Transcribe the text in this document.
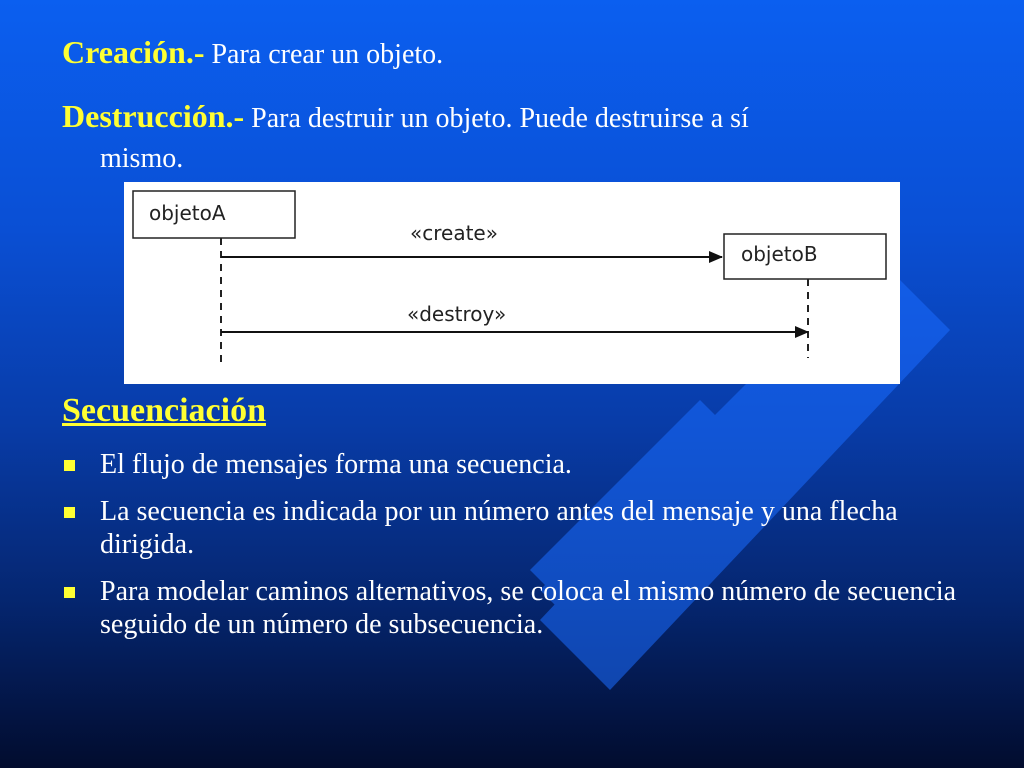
Creación.- Para crear un objeto.

Destrucción.- Para destruir un objeto. Puede destruirse a sí

mismo.

objetoA
objetoB
«create»
«destroy»
Secuenciación
El flujo de mensajes forma una secuencia.
La secuencia es indicada por un número antes del mensaje y una flecha dirigida.
Para modelar caminos alternativos, se coloca el mismo número de secuencia seguido de un número de subsecuencia.
